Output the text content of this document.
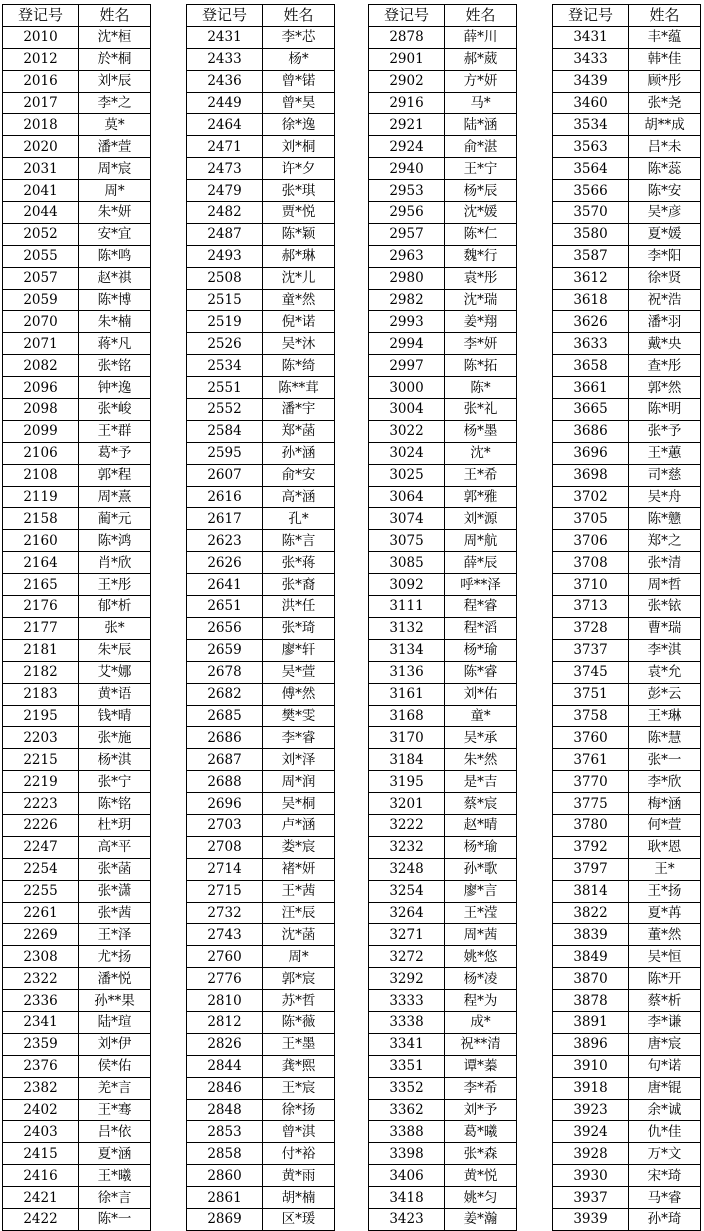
登记号	姓名
2010	沈*桓
2012	於*桐
2016	刘*辰
2017	李*之
2018	莫*
2020	潘*萱
2031	周*宸
2041	周*
2044	朱*妍
2052	安*宜
2055	陈*鸣
2057	赵*祺
2059	陈*博
2070	朱*楠
2071	蒋*凡
2082	张*铭
2096	钟*逸
2098	张*峻
2099	王*群
2106	葛*予
2108	郭*程
2119	周*熹
2158	蔺*元
2160	陈*鸿
2164	肖*欣
2165	王*彤
2176	郁*析
2177	张*
2181	朱*辰
2182	艾*娜
2183	黄*语
2195	钱*晴
2203	张*施
2215	杨*淇
2219	张*宁
2223	陈*铭
2226	杜*玥
2247	高*平
2254	张*菡
2255	张*潇
2261	张*茜
2269	王*泽
2308	尤*扬
2322	潘*悦
2336	孙**果
2341	陆*瑄
2359	刘*伊
2376	侯*佑
2382	羌*言
2402	王*骞
2403	吕*依
2415	夏*涵
2416	王*曦
2421	徐*言
2422	陈*一
登记号	姓名
2431	李*芯
2433	杨*
2436	曾*锘
2449	曾*昊
2464	徐*逸
2471	刘*桐
2473	许*夕
2479	张*琪
2482	贾*悦
2487	陈*颖
2493	郝*琳
2508	沈*儿
2515	童*然
2519	倪*诺
2526	吴*沐
2534	陈*绮
2551	陈**茸
2552	潘*宇
2584	郑*菡
2595	孙*涵
2607	俞*安
2616	高*涵
2617	孔*
2623	陈*言
2626	张*蒋
2641	张*裔
2651	洪*任
2656	张*琦
2659	廖*轩
2678	吴*萱
2682	傅*然
2685	樊*雯
2686	李*睿
2687	刘*泽
2688	周*润
2696	吴*桐
2703	卢*涵
2708	娄*宸
2714	褚*妍
2715	王*茜
2732	汪*辰
2743	沈*菡
2760	周*
2776	郭*宸
2810	苏*哲
2812	陈*薇
2826	王*墨
2844	龚*熙
2846	王*宸
2848	徐*扬
2853	曾*淇
2858	付*裕
2860	黄*雨
2861	胡*楠
2869	区*瑗
登记号	姓名
2878	薛*川
2901	郝*葳
2902	方*妍
2916	马*
2921	陆*涵
2924	俞*湛
2940	王*宁
2953	杨*辰
2956	沈*媛
2957	陈*仁
2963	魏*行
2980	袁*彤
2982	沈*瑞
2993	姜*翔
2994	李*妍
2997	陈*拓
3000	陈*
3004	张*礼
3022	杨*墨
3024	沈*
3025	王*希
3064	郭*雅
3074	刘*源
3075	周*航
3085	薛*辰
3092	呼**泽
3111	程*睿
3132	程*滔
3134	杨*瑜
3136	陈*睿
3161	刘*佑
3168	童*
3170	吴*承
3184	朱*然
3195	是*吉
3201	蔡*宸
3222	赵*晴
3232	杨*瑜
3248	孙*歌
3254	廖*言
3264	王*滢
3271	周*茜
3272	姚*悠
3292	杨*凌
3333	程*为
3338	成*
3341	祝**清
3351	谭*蓁
3352	李*希
3362	刘*予
3388	葛*曦
3398	张*森
3406	黄*悦
3418	姚*匀
3423	姜*瀚
登记号	姓名
3431	丰*蕴
3433	韩*佳
3439	顾*彤
3460	张*尧
3534	胡**成
3563	吕*未
3564	陈*蕊
3566	陈*安
3570	吴*彦
3580	夏*媛
3587	李*阳
3612	徐*贤
3618	祝*浩
3626	潘*羽
3633	戴*央
3658	查*彤
3661	郭*然
3665	陈*明
3686	张*予
3696	王*蕙
3698	司*慈
3702	吴*舟
3705	陈*戆
3706	郑*之
3708	张*清
3710	周*哲
3713	张*铱
3728	曹*瑞
3737	李*淇
3745	袁*允
3751	彭*云
3758	王*琳
3760	陈*慧
3761	张*一
3770	李*欣
3775	梅*涵
3780	何*萱
3792	耿*恩
3797	王*
3814	王*扬
3822	夏*苒
3839	董*然
3849	吴*恒
3870	陈*开
3878	蔡*析
3891	李*谦
3896	唐*宸
3910	句*诺
3918	唐*锟
3923	余*诚
3924	仇*佳
3928	万*文
3930	宋*琦
3937	马*睿
3939	孙*琦
